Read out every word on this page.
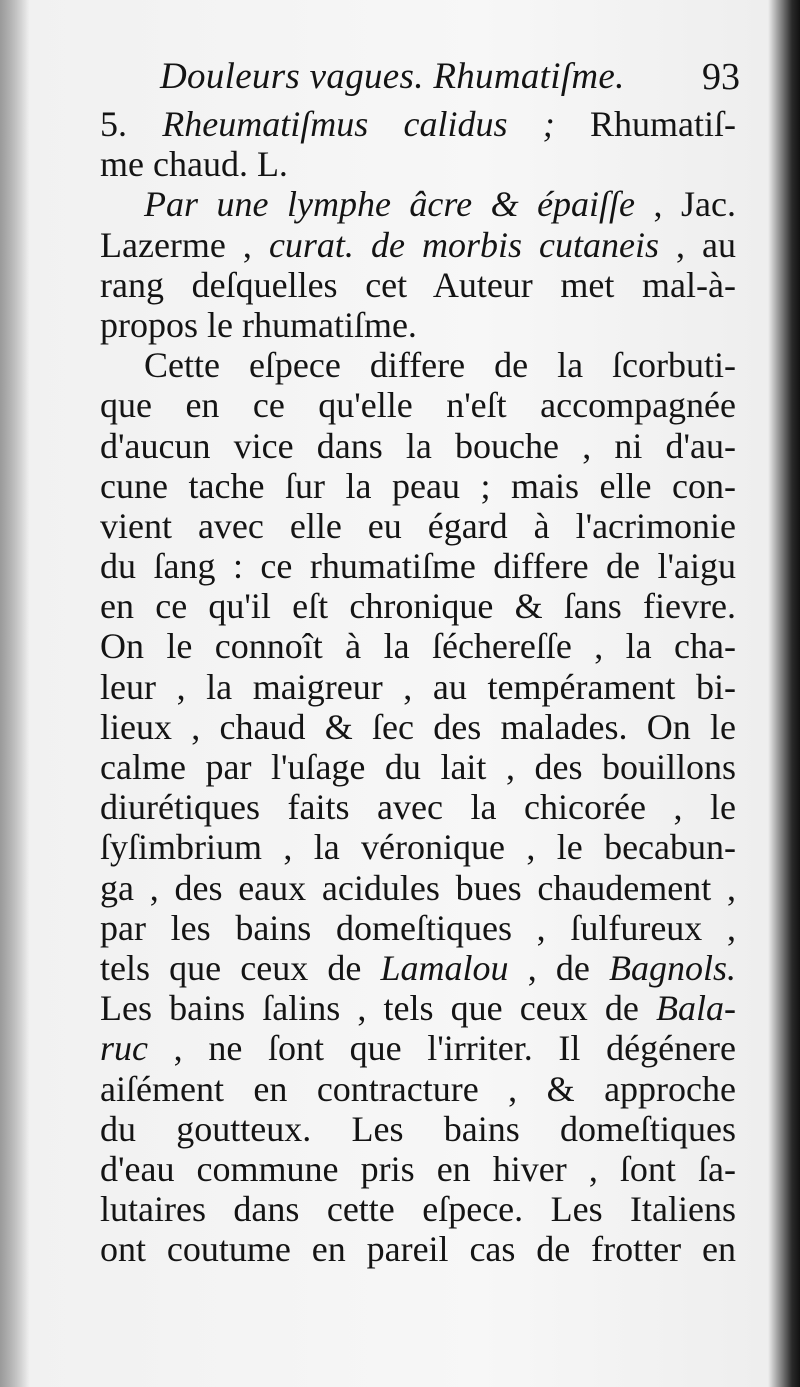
Douleurs vagues. Rhumatiſme. 93
5. Rheumatiſmus calidus ; Rhumatiſ-
me chaud. L.
Par une lymphe âcre & épaiſſe , Jac.
Lazerme , curat. de morbis cutaneis , au
rang deſquelles cet Auteur met mal-à-
propos le rhumatiſme.
Cette eſpece differe de la ſcorbuti-
que en ce qu'elle n'eſt accompagnée
d'aucun vice dans la bouche , ni d'au-
cune tache ſur la peau ; mais elle con-
vient avec elle eu égard à l'acrimonie
du ſang : ce rhumatiſme differe de l'aigu
en ce qu'il eſt chronique & ſans fievre.
On le connoît à la ſéchereſſe , la cha-
leur , la maigreur , au tempérament bi-
lieux , chaud & ſec des malades. On le
calme par l'uſage du lait , des bouillons
diurétiques faits avec la chicorée , le
ſyſimbrium , la véronique , le becabun-
ga , des eaux acidules bues chaudement ,
par les bains domeſtiques , ſulfureux ,
tels que ceux de Lamalou , de Bagnols.
Les bains ſalins , tels que ceux de Bala-
ruc , ne ſont que l'irriter. Il dégénere
aiſément en contracture , & approche
du goutteux. Les bains domeſtiques
d'eau commune pris en hiver , ſont ſa-
lutaires dans cette eſpece. Les Italiens
ont coutume en pareil cas de frotter en
